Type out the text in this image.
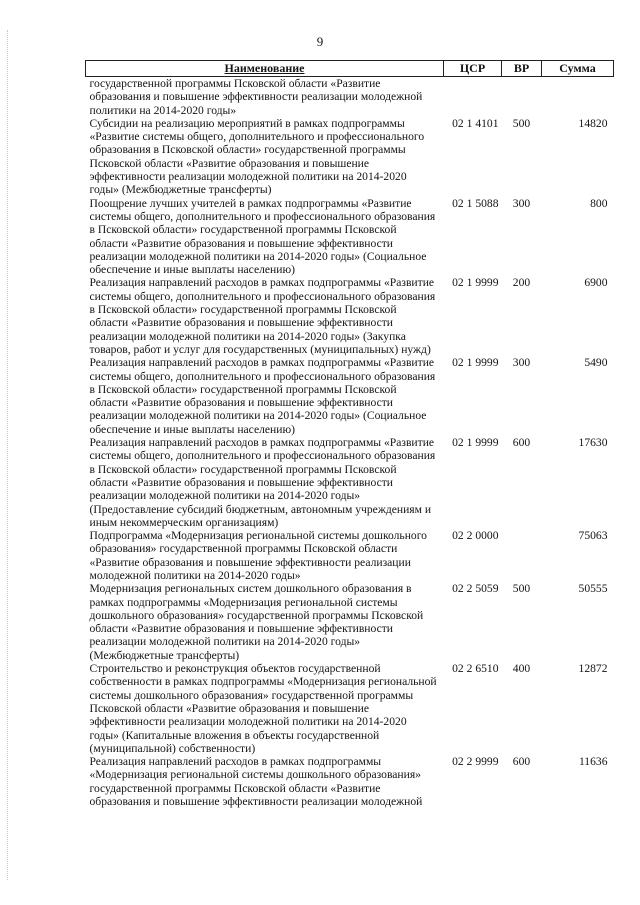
9
Наименование	ЦСР	ВР	Сумма
государственной программы Псковской области «Развитие образования и повышение эффективности реализации молодежной политики на 2014-2020 годы»			
Субсидии на реализацию мероприятий в рамках подпрограммы «Развитие системы общего, дополнительного и профессионального образования в Псковской области» государственной программы Псковской области «Развитие образования и повышение эффективности реализации молодежной политики на 2014-2020 годы» (Межбюджетные трансферты)	02 1 4101	500	14820
Поощрение лучших учителей в рамках подпрограммы «Развитие системы общего, дополнительного и профессионального образования в Псковской области» государственной программы Псковской области «Развитие образования и повышение эффективности реализации молодежной политики на 2014-2020 годы» (Социальное обеспечение и иные выплаты населению)	02 1 5088	300	800
Реализация направлений расходов в рамках подпрограммы «Развитие системы общего, дополнительного и профессионального образования в Псковской области» государственной программы Псковской области «Развитие образования и повышение эффективности реализации молодежной политики на 2014-2020 годы» (Закупка товаров, работ и услуг для государственных (муниципальных) нужд)	02 1 9999	200	6900
Реализация направлений расходов в рамках подпрограммы «Развитие системы общего, дополнительного и профессионального образования в Псковской области» государственной программы Псковской области «Развитие образования и повышение эффективности реализации молодежной политики на 2014-2020 годы» (Социальное обеспечение и иные выплаты населению)	02 1 9999	300	5490
Реализация направлений расходов в рамках подпрограммы «Развитие системы общего, дополнительного и профессионального образования в Псковской области» государственной программы Псковской области «Развитие образования и повышение эффективности реализации молодежной политики на 2014-2020 годы» (Предоставление субсидий бюджетным, автономным учреждениям и иным некоммерческим организациям)	02 1 9999	600	17630
Подпрограмма «Модернизация региональной системы дошкольного образования» государственной программы Псковской области «Развитие образования и повышение эффективности реализации молодежной политики на 2014-2020 годы»	02 2 0000		75063
Модернизация региональных систем дошкольного образования в рамках подпрограммы «Модернизация региональной системы дошкольного образования» государственной программы Псковской области «Развитие образования и повышение эффективности реализации молодежной политики на 2014-2020 годы» (Межбюджетные трансферты)	02 2 5059	500	50555
Строительство и реконструкция объектов государственной собственности в рамках подпрограммы «Модернизация региональной системы дошкольного образования» государственной программы Псковской области «Развитие образования и повышение эффективности реализации молодежной политики на 2014-2020 годы» (Капитальные вложения в объекты государственной (муниципальной) собственности)	02 2 6510	400	12872
Реализация направлений расходов в рамках подпрограммы «Модернизация региональной системы дошкольного образования» государственной программы Псковской области «Развитие образования и повышение эффективности реализации молодежной	02 2 9999	600	11636
